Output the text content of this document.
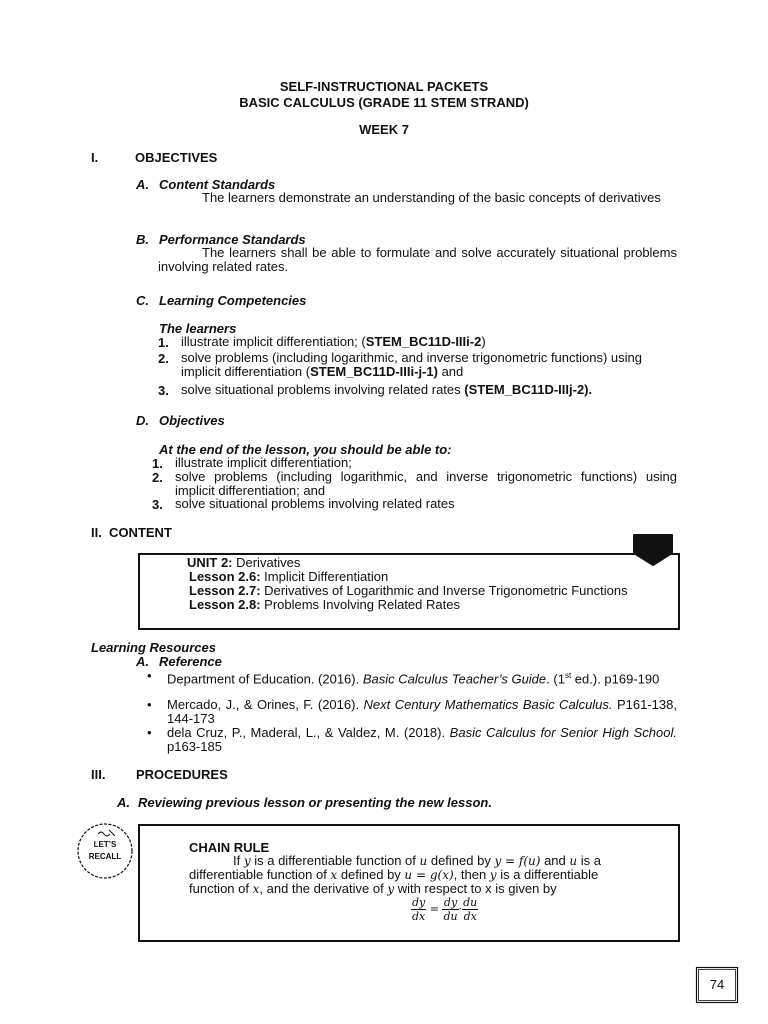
SELF-INSTRUCTIONAL PACKETS
BASIC CALCULUS (GRADE 11 STEM STRAND)
WEEK 7
I.	OBJECTIVES
A. Content Standards
The learners demonstrate an understanding of the basic concepts of derivatives
B. Performance Standards
The learners shall be able to formulate and solve accurately situational problems involving related rates.
C. Learning Competencies
The learners
1. illustrate implicit differentiation; (STEM_BC11D-IIIi-2)
2. solve problems (including logarithmic, and inverse trigonometric functions) using implicit differentiation (STEM_BC11D-IIIi-j-1) and
3. solve situational problems involving related rates (STEM_BC11D-IIIj-2).
D. Objectives
At the end of the lesson, you should be able to:
1. illustrate implicit differentiation;
2. solve problems (including logarithmic, and inverse trigonometric functions) using implicit differentiation; and
3. solve situational problems involving related rates
II.  CONTENT
UNIT 2: Derivatives
Lesson 2.6: Implicit Differentiation
Lesson 2.7: Derivatives of Logarithmic and Inverse Trigonometric Functions
Lesson 2.8: Problems Involving Related Rates
Learning Resources
A. Reference
• Department of Education. (2016). Basic Calculus Teacher’s Guide. (1st ed.). p169-190
• Mercado, J., & Orines, F. (2016). Next Century Mathematics Basic Calculus. P161-138, 144-173
• dela Cruz, P., Maderal, L., & Valdez, M. (2018). Basic Calculus for Senior High School. p163-185
III. PROCEDURES
A. Reviewing previous lesson or presenting the new lesson.
LET’S
RECALL
CHAIN RULE
If y is a differentiable function of u defined by y = f(u) and u is a
differentiable function of x defined by u = g(x), then y is a differentiable
function of x, and the derivative of y with respect to x is given by
$\frac{dy}{dx} = \frac{dy}{du} \cdot \frac{du}{dx}$
74
